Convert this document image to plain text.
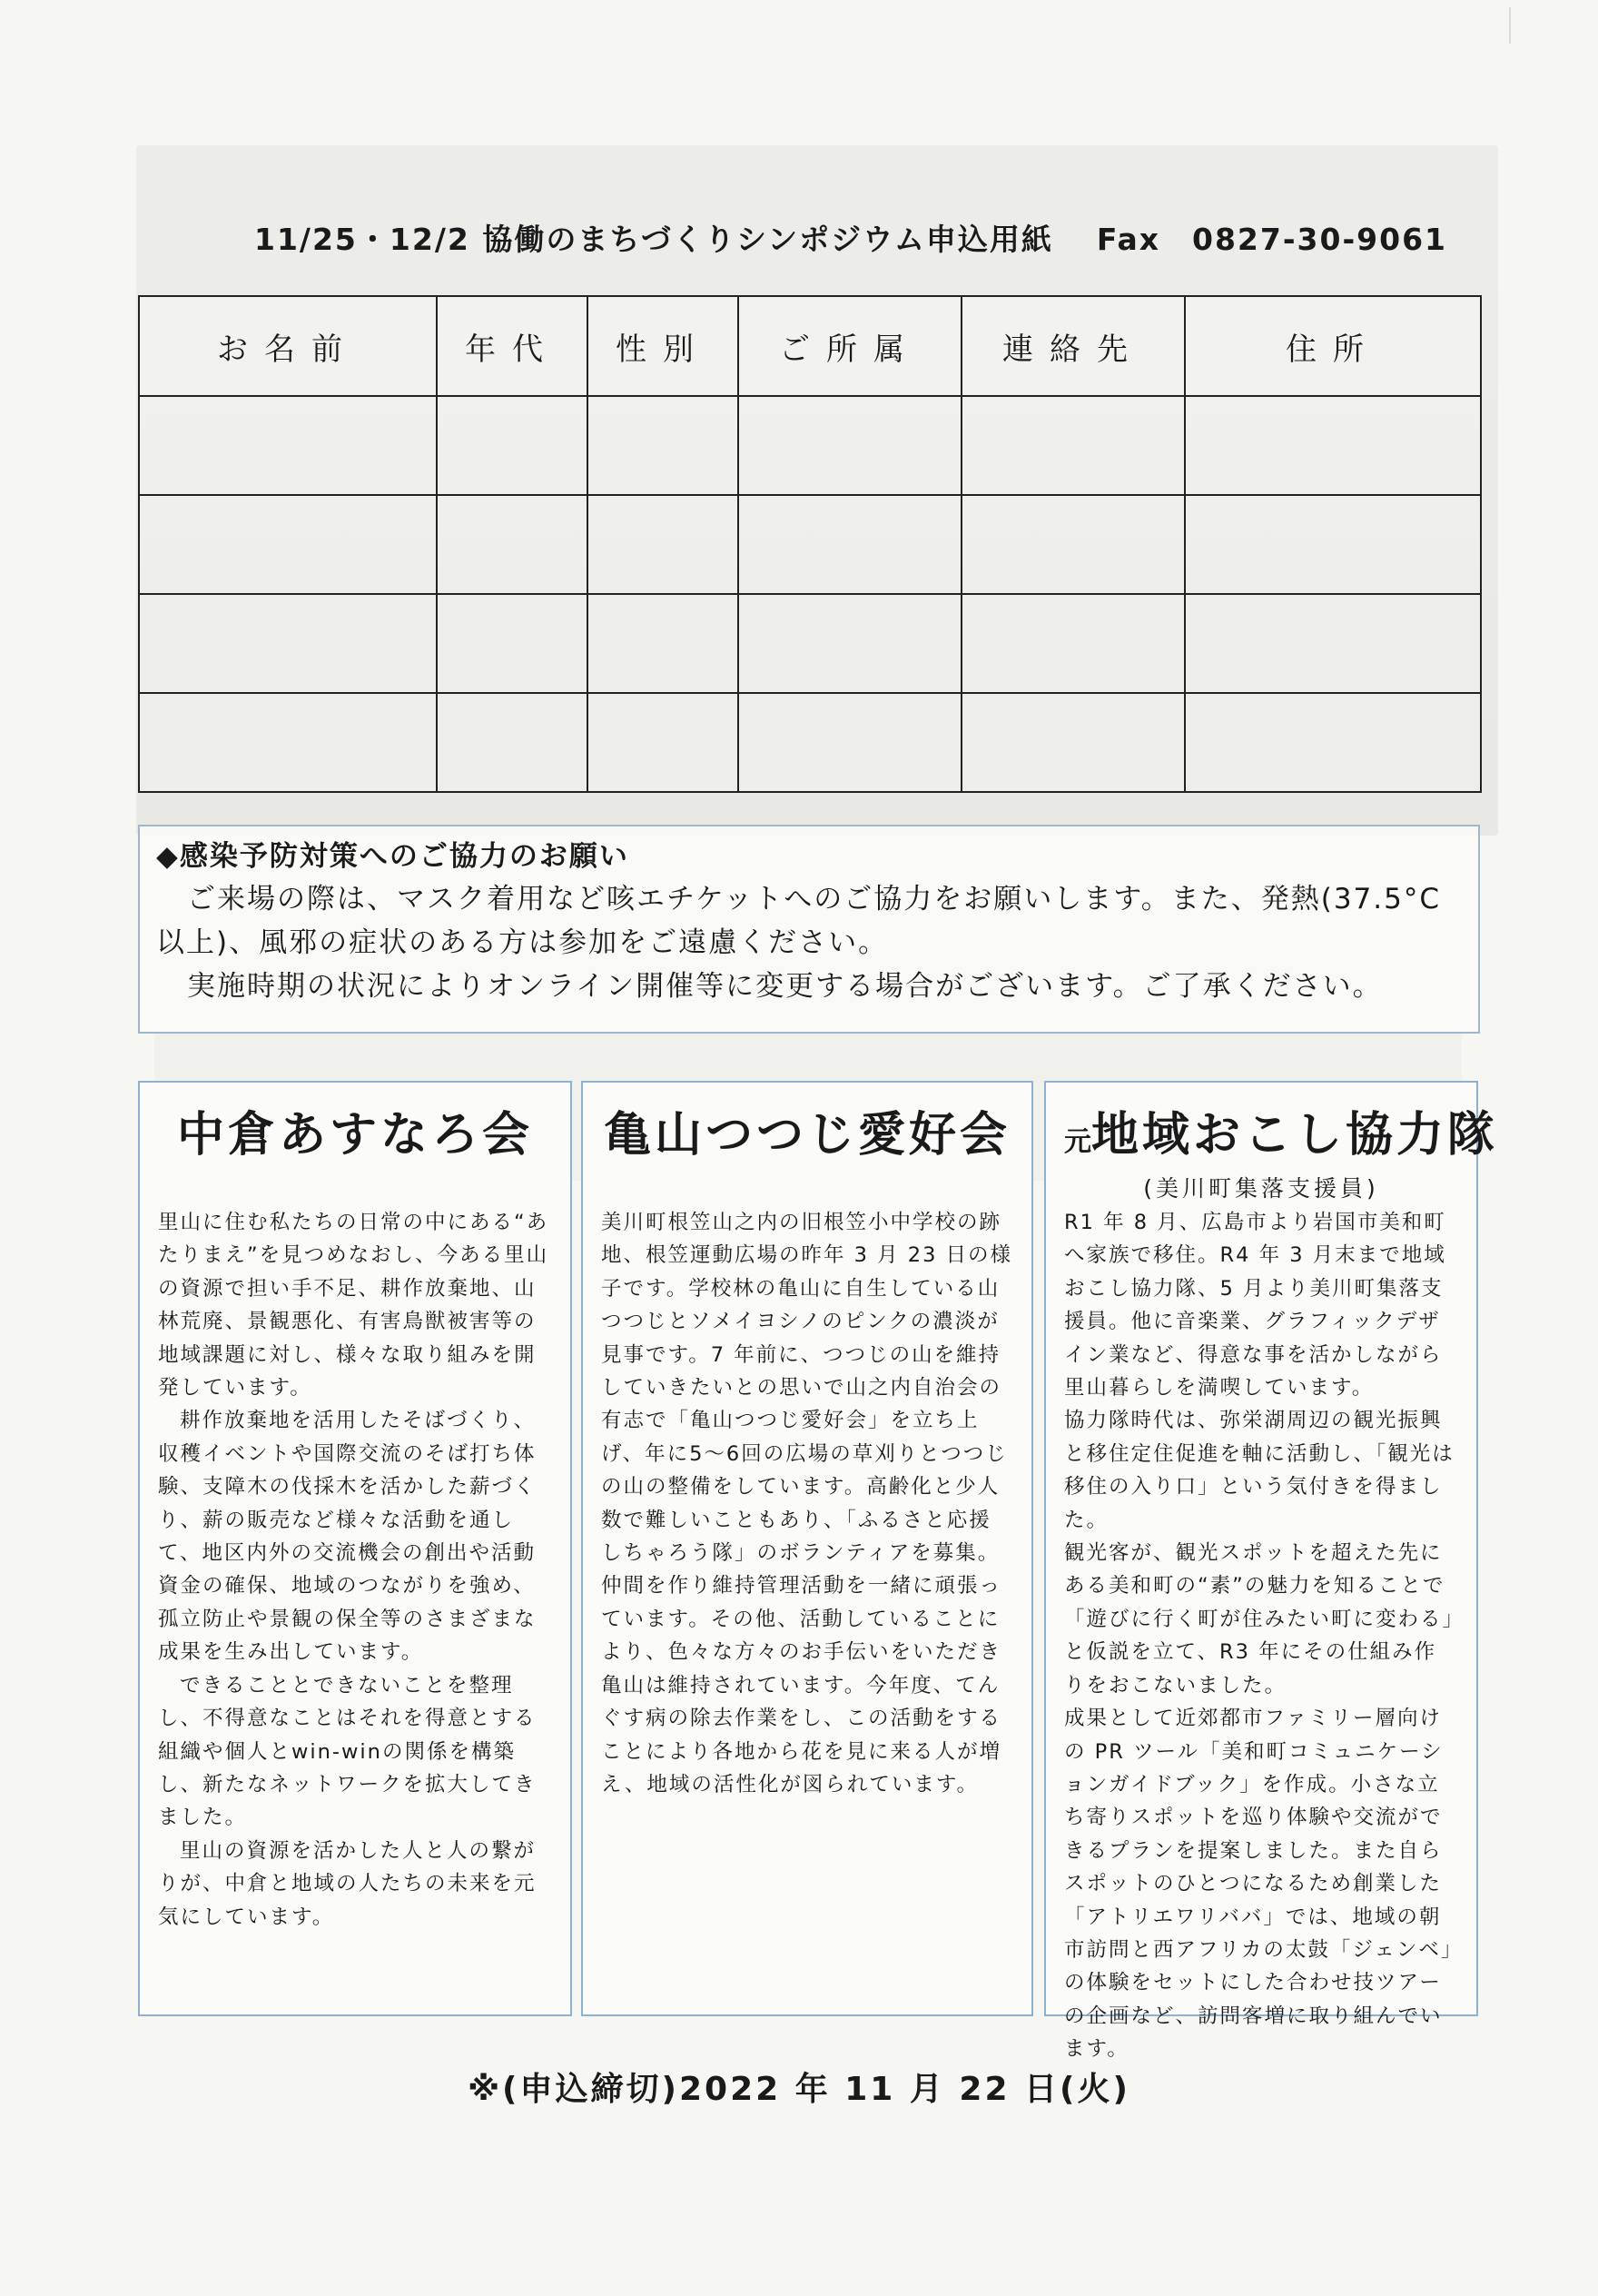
11/25・12/2 協働のまちづくりシンポジウム申込用紙 Fax　0827-30-9061
お名前	年代	性別	ご所属	連絡先	住所

◆感染予防対策へのご協力のお願い
ご来場の際は、マスク着用など咳エチケットへのご協力をお願いします。また、発熱(37.5°C
以上)、風邪の症状のある方は参加をご遠慮ください。
実施時期の状況によりオンライン開催等に変更する場合がございます。ご了承ください。
中倉あすなろ会

里山に住む私たちの日常の中にある“あたりまえ”を見つめなおし、今ある里山の資源で担い手不足、耕作放棄地、山林荒廃、景観悪化、有害鳥獣被害等の地域課題に対し、様々な取り組みを開発しています。

耕作放棄地を活用したそばづくり、収穫イベントや国際交流のそば打ち体験、支障木の伐採木を活かした薪づくり、薪の販売など様々な活動を通して、地区内外の交流機会の創出や活動資金の確保、地域のつながりを強め、孤立防止や景観の保全等のさまざまな成果を生み出しています。

できることとできないことを整理し、不得意なことはそれを得意とする組織や個人とwin-winの関係を構築し、新たなネットワークを拡大してきました。

里山の資源を活かした人と人の繋がりが、中倉と地域の人たちの未来を元気にしています。

亀山つつじ愛好会

美川町根笠山之内の旧根笠小中学校の跡地、根笠運動広場の昨年 3 月 23 日の様子です。学校林の亀山に自生している山つつじとソメイヨシノのピンクの濃淡が見事です。7 年前に、つつじの山を維持していきたいとの思いで山之内自治会の有志で「亀山つつじ愛好会」を立ち上げ、年に5～6回の広場の草刈りとつつじの山の整備をしています。高齢化と少人数で難しいこともあり、「ふるさと応援しちゃろう隊」のボランティアを募集。仲間を作り維持管理活動を一緒に頑張っています。その他、活動していることにより、色々な方々のお手伝いをいただき亀山は維持されています。今年度、てんぐす病の除去作業をし、この活動をすることにより各地から花を見に来る人が増え、地域の活性化が図られています。

元地域おこし協力隊
(美川町集落支援員)

R1 年 8 月、広島市より岩国市美和町へ家族で移住。R4 年 3 月末まで地域おこし協力隊、5 月より美川町集落支援員。他に音楽業、グラフィックデザイン業など、得意な事を活かしながら里山暮らしを満喫しています。

協力隊時代は、弥栄湖周辺の観光振興と移住定住促進を軸に活動し、「観光は移住の入り口」という気付きを得ました。

観光客が、観光スポットを超えた先にある美和町の“素”の魅力を知ることで「遊びに行く町が住みたい町に変わる」と仮説を立て、R3 年にその仕組み作りをおこないました。

成果として近郊都市ファミリー層向けの PR ツール「美和町コミュニケーションガイドブック」を作成。小さな立ち寄りスポットを巡り体験や交流ができるプランを提案しました。また自らスポットのひとつになるため創業した「アトリエワリババ」では、地域の朝市訪問と西アフリカの太鼓「ジェンベ」の体験をセットにした合わせ技ツアーの企画など、訪問客増に取り組んでいます。

※(申込締切)2022 年 11 月 22 日(火)
